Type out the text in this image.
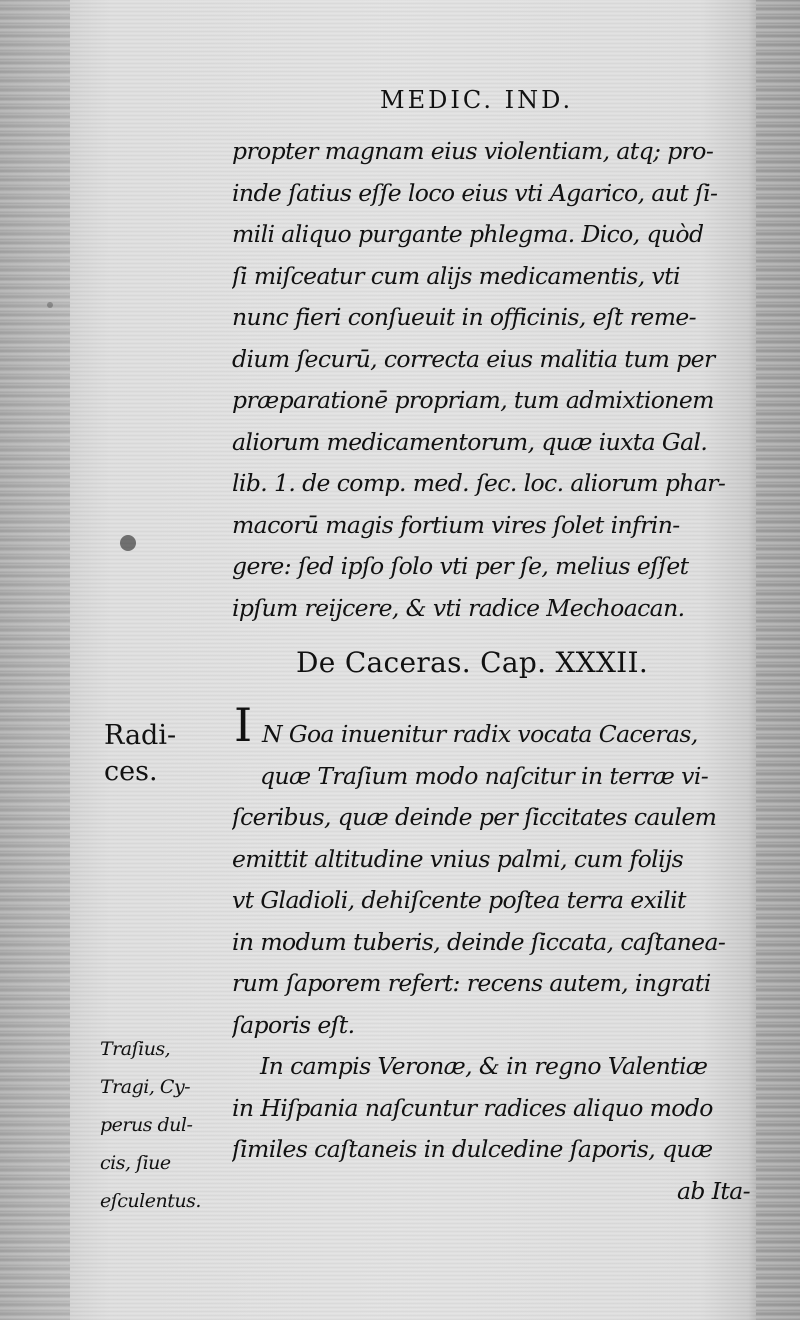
MEDIC. IND.
propter magnam eius violentiam, atq; pro-
inde ſatius eſſe loco eius vti Agarico, aut ſi-
mili aliquo purgante phlegma. Dico, quòd
ſi miſceatur cum alijs medicamentis, vti
nunc fieri conſueuit in officinis, eſt reme-
dium ſecurū, correcta eius malitia tum per
præparationē propriam, tum admixtionem
aliorum medicamentorum, quæ iuxta Gal.
lib. 1. de comp. med. ſec. loc. aliorum phar-
macorū magis fortium vires ſolet infrin-
gere: ſed ipſo ſolo vti per ſe, melius eſſet
ipſum reijcere, & vti radice Mechoacan.
De Caceras. Cap. XXXII.
I N Goa inuenitur radix vocata Caceras,
quæ Traſium modo naſcitur in terræ vi-
ſceribus, quæ deinde per ſiccitates caulem
emittit altitudine vnius palmi, cum folijs
vt Gladioli, dehiſcente poſtea terra exilit
in modum tuberis, deinde ſiccata, caſtanea-
rum ſaporem refert: recens autem, ingrati
ſaporis eſt.
In campis Veronæ, & in regno Valentiæ
in Hiſpania naſcuntur radices aliquo modo
ſimiles caſtaneis in dulcedine ſaporis, quæ
ab Ita-
Radi-
ces.
Traſius,
Tragi, Cy-
perus dul-
cis, ſiue
eſculentus.
